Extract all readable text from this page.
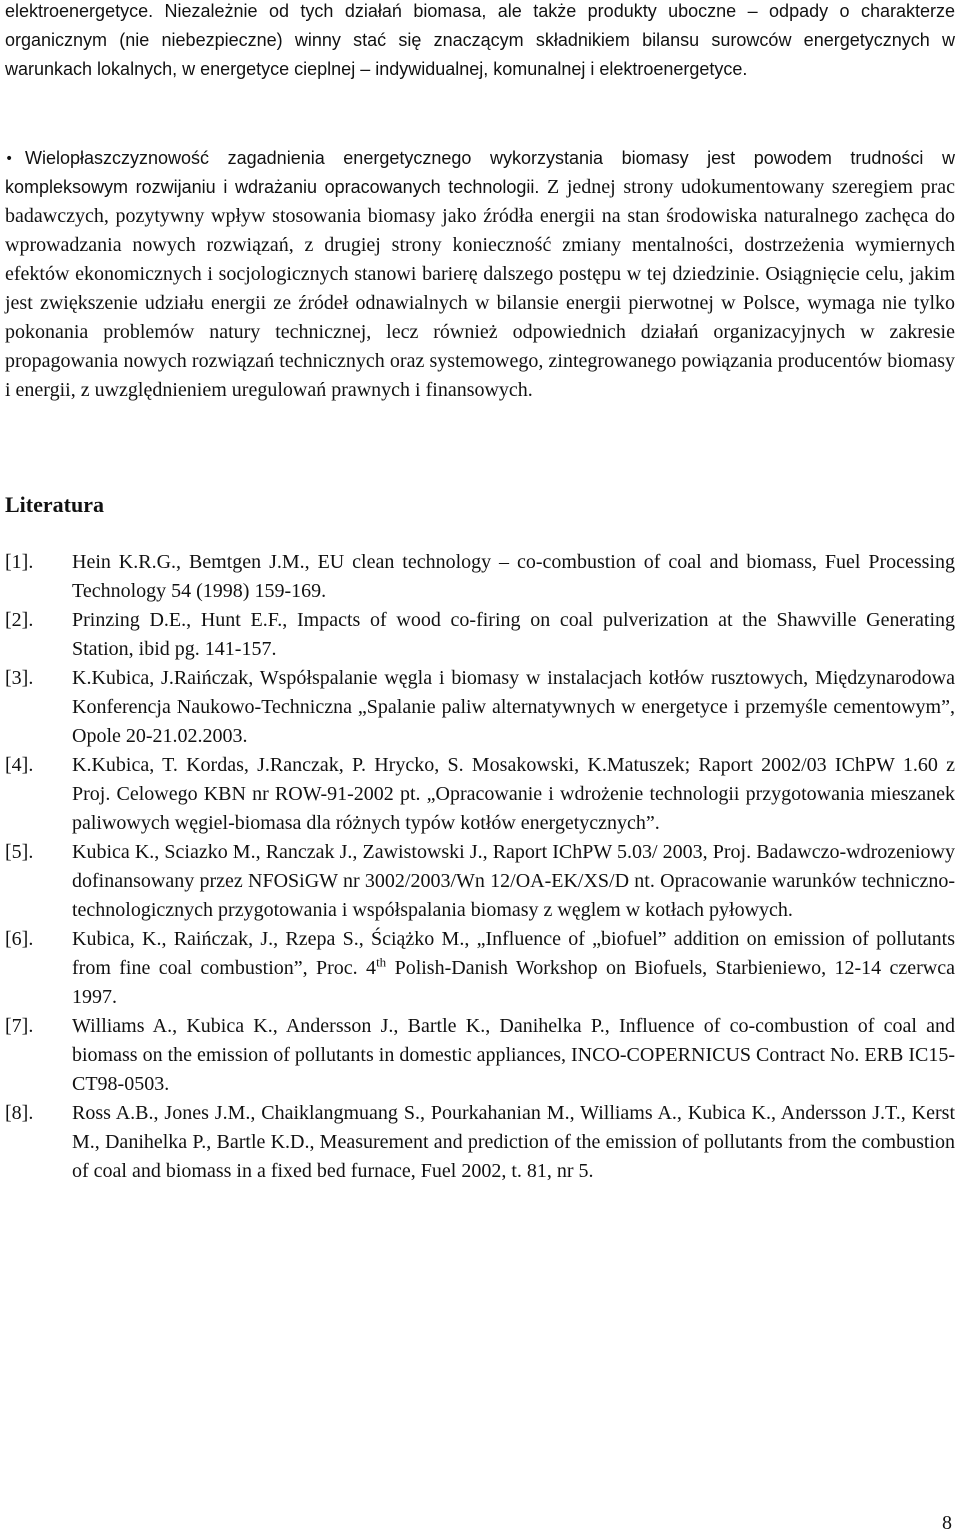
elektroenergetyce. Niezależnie od tych działań biomasa, ale także produkty uboczne – odpady o charakterze organicznym (nie niebezpieczne) winny stać się znaczącym składnikiem bilansu surowców energetycznych w warunkach lokalnych, w energetyce cieplnej – indywidualnej, komunalnej i elektroenergetyce.

• Wielopłaszczyznowość zagadnienia energetycznego wykorzystania biomasy jest powodem trudności w kompleksowym rozwijaniu i wdrażaniu opracowanych technologii. Z jednej strony udokumentowany szeregiem prac badawczych, pozytywny wpływ stosowania biomasy jako źródła energii na stan środowiska naturalnego zachęca do wprowadzania nowych rozwiązań, z drugiej strony konieczność zmiany mentalności, dostrzeżenia wymiernych efektów ekonomicznych i socjologicznych stanowi barierę dalszego postępu w tej dziedzinie. Osiągnięcie celu, jakim jest zwiększenie udziału energii ze źródeł odnawialnych w bilansie energii pierwotnej w Polsce, wymaga nie tylko pokonania problemów natury technicznej, lecz również odpowiednich działań organizacyjnych w zakresie propagowania nowych rozwiązań technicznych oraz systemowego, zintegrowanego powiązania producentów biomasy i energii, z uwzględnieniem uregulowań prawnych i finansowych.

Literatura
[1].	Hein K.R.G., Bemtgen J.M., EU clean technology – co-combustion of coal and biomass, Fuel Processing Technology 54 (1998) 159-169.
[2].	Prinzing D.E., Hunt E.F., Impacts of wood co-firing on coal pulverization at the Shawville Generating Station, ibid pg. 141-157.
[3].	K.Kubica, J.Raińczak, Współspalanie węgla i biomasy w instalacjach kotłów rusztowych, Międzynarodowa Konferencja Naukowo-Techniczna „Spalanie paliw alternatywnych w energetyce i przemyśle cementowym”, Opole 20-21.02.2003.
[4].	K.Kubica, T. Kordas, J.Ranczak, P. Hrycko, S. Mosakowski, K.Matuszek; Raport 2002/03 IChPW 1.60 z Proj. Celowego KBN nr ROW-91-2002 pt. „Opracowanie i wdrożenie technologii przygotowania mieszanek paliwowych węgiel-biomasa dla różnych typów kotłów energetycznych”.
[5].	Kubica K., Sciazko M., Ranczak J., Zawistowski J., Raport IChPW 5.03/ 2003, Proj. Badawczo-wdrozeniowy dofinansowany przez NFOSiGW nr 3002/2003/Wn 12/OA-EK/XS/D nt. Opracowanie warunków techniczno-technologicznych przygotowania i współspalania biomasy z węglem w kotłach pyłowych.
[6].	Kubica, K., Raińczak, J., Rzepa S., Ściążko M., „Influence of „biofuel” addition on emission of pollutants from fine coal combustion”, Proc. 4th Polish-Danish Workshop on Biofuels, Starbieniewo, 12-14 czerwca 1997.
[7].	Williams A., Kubica K., Andersson J., Bartle K., Danihelka P., Influence of co-combustion of coal and biomass on the emission of pollutants in domestic appliances, INCO-COPERNICUS Contract No. ERB IC15-CT98-0503.
[8].	Ross A.B., Jones J.M., Chaiklangmuang S., Pourkahanian M., Williams A., Kubica K., Andersson J.T., Kerst M., Danihelka P., Bartle K.D., Measurement and prediction of the emission of pollutants from the combustion of coal and biomass in a fixed bed furnace, Fuel 2002, t. 81, nr 5.
8
